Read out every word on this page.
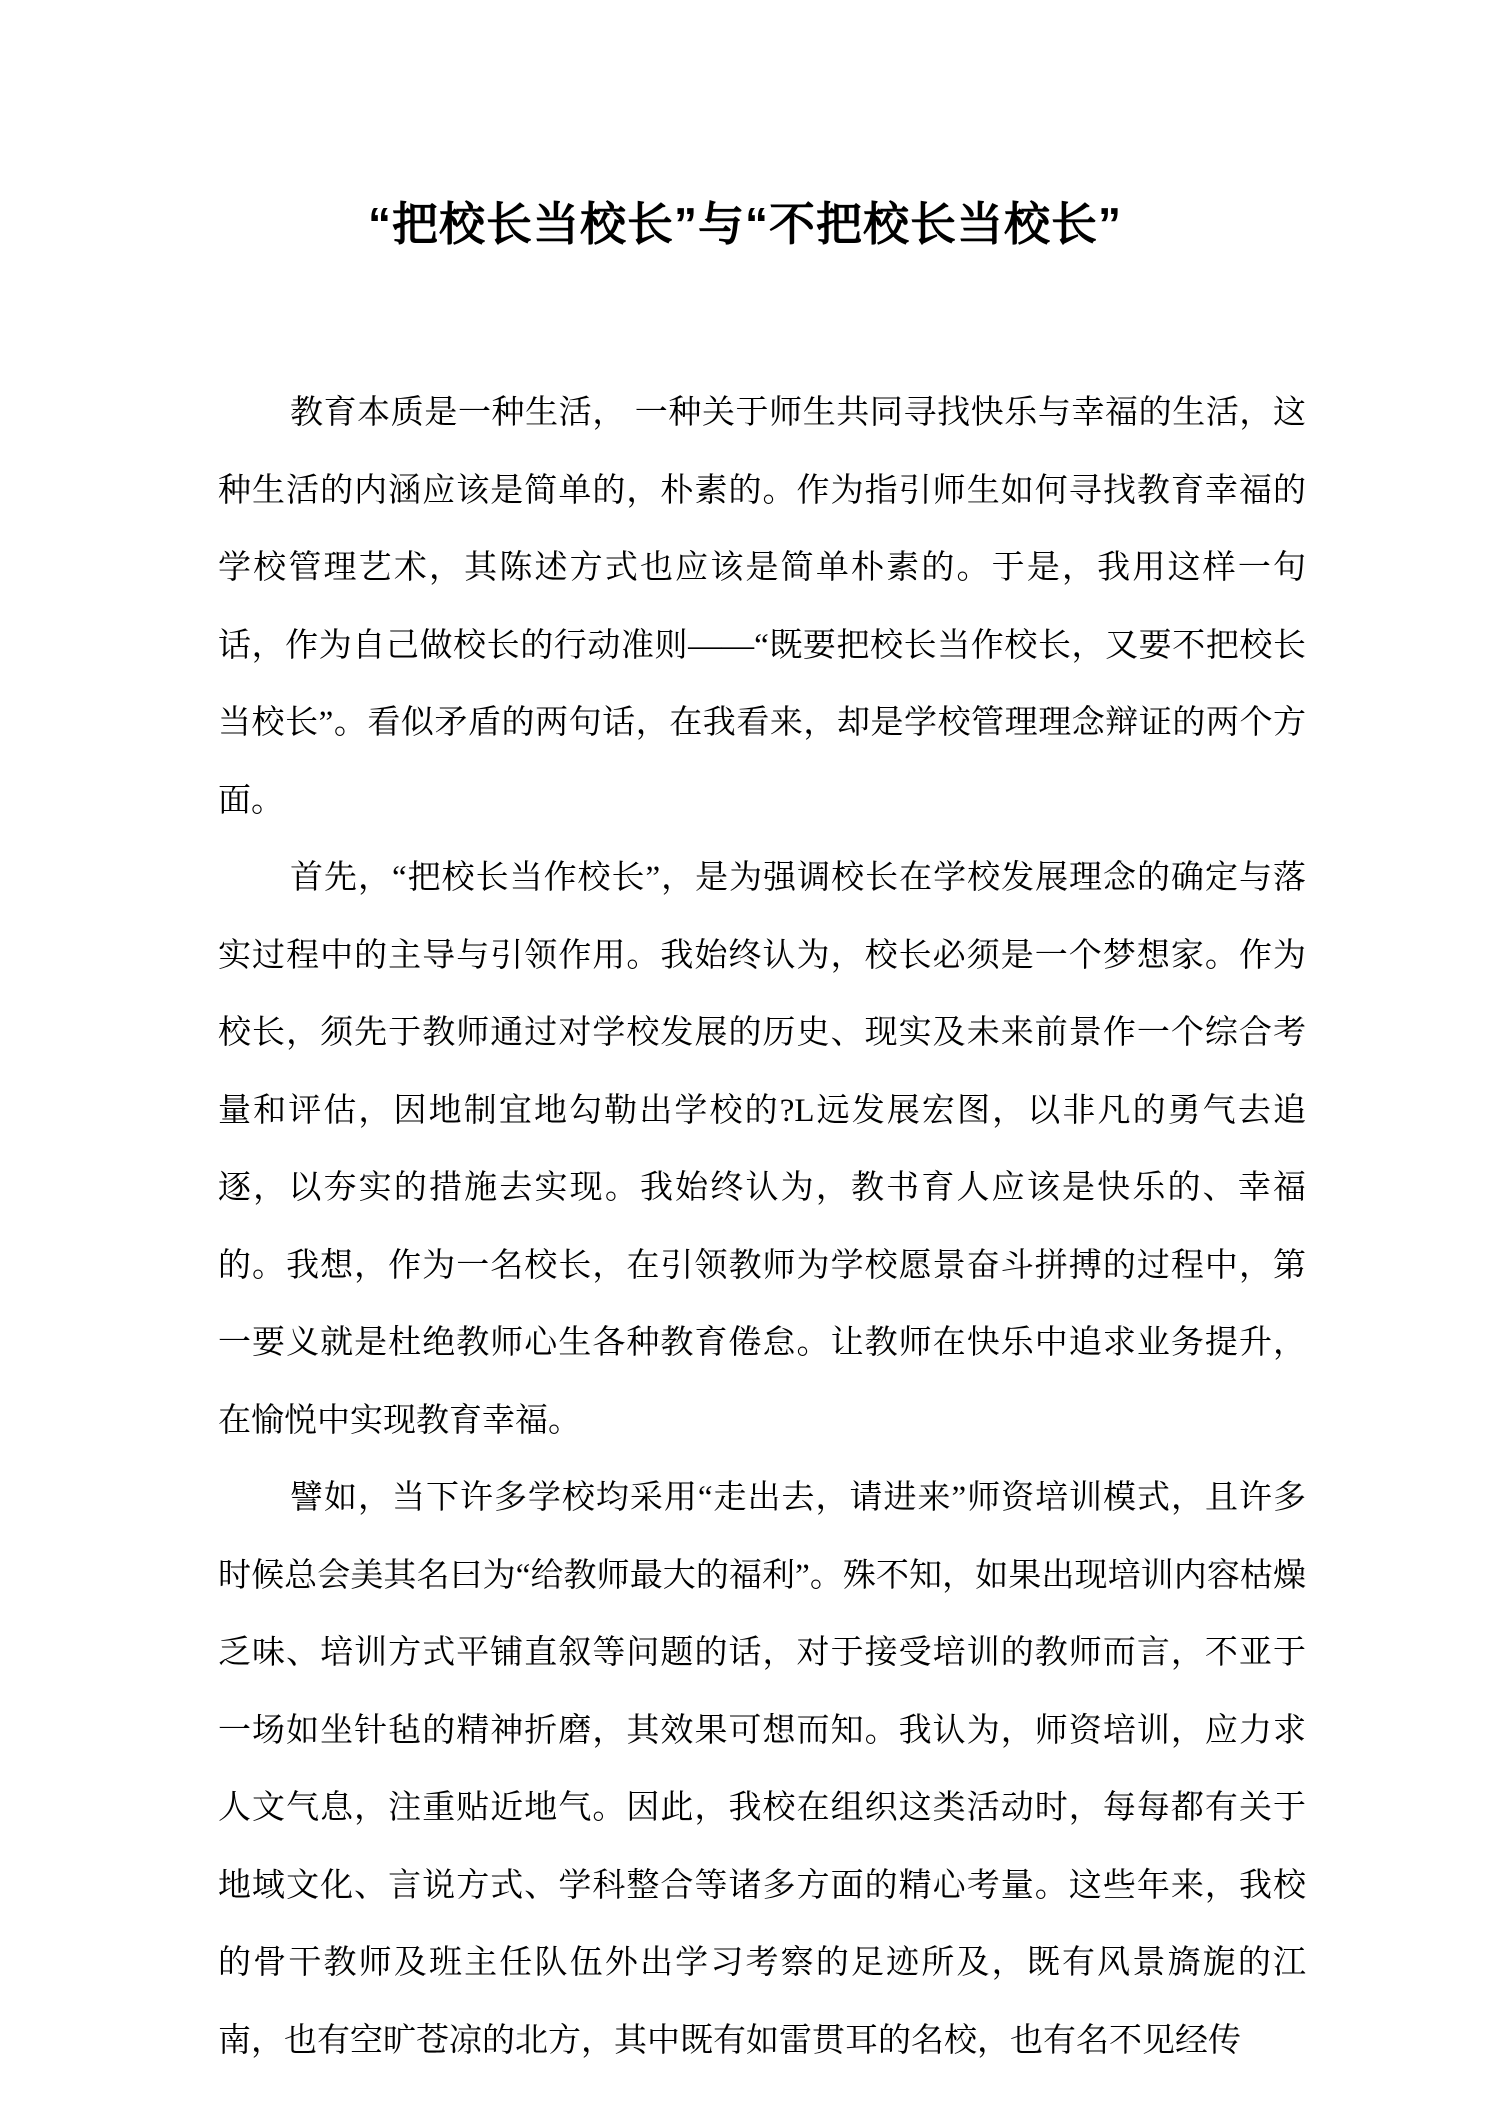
“把校长当校长”与“不把校长当校长”

教育本质是一种生活， 一种关于师生共同寻找快乐与幸福的生活，这种生活的内涵应该是简单的，朴素的。作为指引师生如何寻找教育幸福的学校管理艺术，其陈述方式也应该是简单朴素的。于是，我用这样一句话，作为自己做校长的行动准则——“既要把校长当作校长，又要不把校长当校长”。看似矛盾的两句话，在我看来，却是学校管理理念辩证的两个方面。

首先，“把校长当作校长”，是为强调校长在学校发展理念的确定与落实过程中的主导与引领作用。我始终认为，校长必须是一个梦想家。作为校长，须先于教师通过对学校发展的历史、现实及未来前景作一个综合考量和评估，因地制宜地勾勒出学校的?L远发展宏图，以非凡的勇气去追逐，以夯实的措施去实现。我始终认为，教书育人应该是快乐的、幸福的。我想，作为一名校长，在引领教师为学校愿景奋斗拼搏的过程中，第一要义就是杜绝教师心生各种教育倦怠。让教师在快乐中追求业务提升，在愉悦中实现教育幸福。

譬如，当下许多学校均采用“走出去，请进来”师资培训模式，且许多时候总会美其名曰为“给教师最大的福利”。殊不知，如果出现培训内容枯燥乏味、培训方式平铺直叙等问题的话，对于接受培训的教师而言，不亚于一场如坐针毡的精神折磨，其效果可想而知。我认为，师资培训，应力求人文气息，注重贴近地气。因此，我校在组织这类活动时，每每都有关于地域文化、言说方式、学科整合等诸多方面的精心考量。这些年来，我校的骨干教师及班主任队伍外出学习考察的足迹所及，既有风景旖旎的江南，也有空旷苍凉的北方，其中既有如雷贯耳的名校，也有名不见经传
